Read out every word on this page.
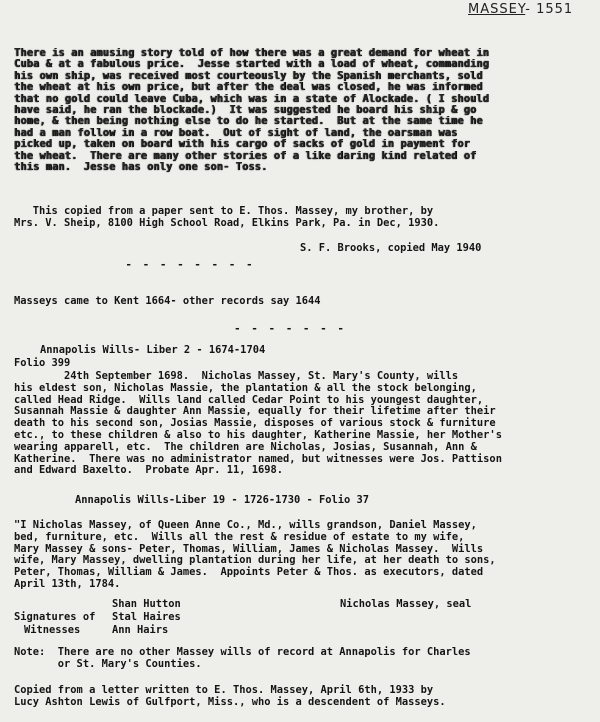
MASSEY- 1551
There is an amusing story told of how there was a great demand for wheat in
Cuba & at a fabulous price.  Jesse started with a load of wheat, commanding
his own ship, was received most courteously by the Spanish merchants, sold
the wheat at his own price, but after the deal was closed, he was informed
that no gold could leave Cuba, which was in a state of Alockade. ( I should
have said, he ran the blockade.)  It was suggested he board his ship & go
home, & then being nothing else to do he started.  But at the same time he
had a man follow in a row boat.  Out of sight of land, the oarsman was
picked up, taken on board with his cargo of sacks of gold in payment for
the wheat.  There are many other stories of a like daring kind related of
this man.  Jesse has only one son- Toss.
This copied from a paper sent to E. Thos. Massey, my brother, by
Mrs. V. Sheip, 8100 High School Road, Elkins Park, Pa. in Dec, 1930.
S. F. Brooks, copied May 1940
- - - - - - - -
Masseys came to Kent 1664- other records say 1644
- - - - - - -
Annapolis Wills- Liber 2 - 1674-1704
Folio 399
24th September 1698.  Nicholas Massey, St. Mary's County, wills
his eldest son, Nicholas Massie, the plantation & all the stock belonging,
called Head Ridge.  Wills land called Cedar Point to his youngest daughter,
Susannah Massie & daughter Ann Massie, equally for their lifetime after their
death to his second son, Josias Massie, disposes of various stock & furniture
etc., to these children & also to his daughter, Katherine Massie, her Mother's
wearing apparell, etc.  The children are Nicholas, Josias, Susannah, Ann &
Katherine.  There was no administrator named, but witnesses were Jos. Pattison
and Edward Baxelto.  Probate Apr. 11, 1698.
Annapolis Wills-Liber 19 - 1726-1730 - Folio 37
"I Nicholas Massey, of Queen Anne Co., Md., wills grandson, Daniel Massey,
bed, furniture, etc.  Wills all the rest & residue of estate to my wife,
Mary Massey & sons- Peter, Thomas, William, James & Nicholas Massey.  Wills
wife, Mary Massey, dwelling plantation during her life, at her death to sons,
Peter, Thomas, William & James.  Appoints Peter & Thos. as executors, dated
April 13th, 1784.
Shan Hutton	Nicholas Massey, seal
Signatures of Stal Haires
Witnesses	Ann Hairs
Note:  There are no other Massey wills of record at Annapolis for Charles
or St. Mary's Counties.
Copied from a letter written to E. Thos. Massey, April 6th, 1933 by
Lucy Ashton Lewis of Gulfport, Miss., who is a descendent of Masseys.
